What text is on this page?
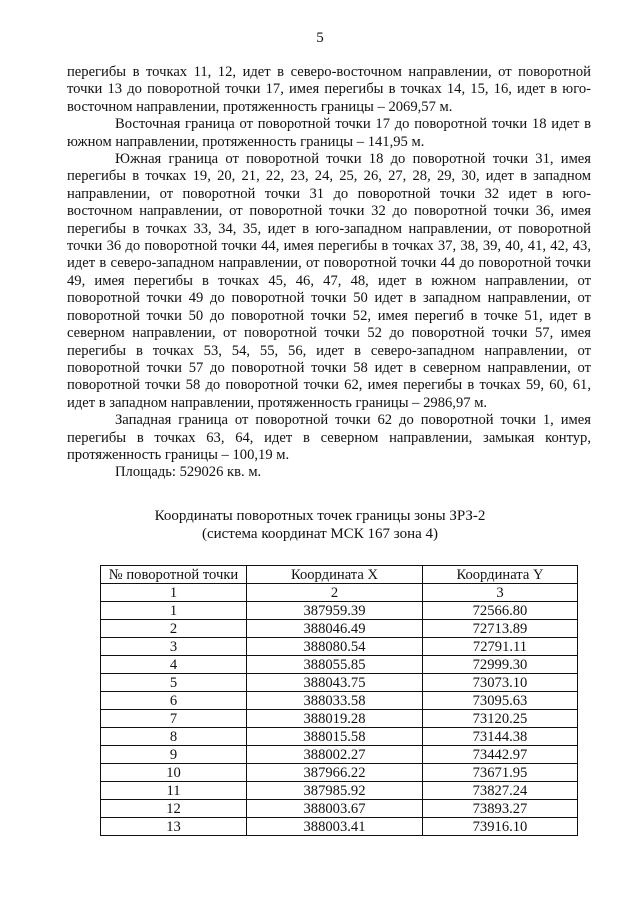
5

перегибы в точках 11, 12, идет в северо-восточном направлении, от поворотной точки 13 до поворотной точки 17, имея перегибы в точках 14, 15, 16, идет в юго-восточном направлении, протяженность границы – 2069,57 м.

Восточная граница от поворотной точки 17 до поворотной точки 18 идет в южном направлении, протяженность границы – 141,95 м.

Южная граница от поворотной точки 18 до поворотной точки 31, имея перегибы в точках 19, 20, 21, 22, 23, 24, 25, 26, 27, 28, 29, 30, идет в западном направлении, от поворотной точки 31 до поворотной точки 32 идет в юго-восточном направлении, от поворотной точки 32 до поворотной точки 36, имея перегибы в точках 33, 34, 35, идет в юго-западном направлении, от поворотной точки 36 до поворотной точки 44, имея перегибы в точках 37, 38, 39, 40, 41, 42, 43, идет в северо-западном направлении, от поворотной точки 44 до поворотной точки 49, имея перегибы в точках 45, 46, 47, 48, идет в южном направлении, от поворотной точки 49 до поворотной точки 50 идет в западном направлении, от поворотной точки 50 до поворотной точки 52, имея перегиб в точке 51, идет в северном направлении, от поворотной точки 52 до поворотной точки 57, имея перегибы в точках 53, 54, 55, 56, идет в северо-западном направлении, от поворотной точки 57 до поворотной точки 58 идет в северном направлении, от поворотной точки 58 до поворотной точки 62, имея перегибы в точках 59, 60, 61, идет в западном направлении, протяженность границы – 2986,97 м.

Западная граница от поворотной точки 62 до поворотной точки 1, имея перегибы в точках 63, 64, идет в северном направлении, замыкая контур, протяженность границы – 100,19 м.

Площадь: 529026 кв. м.

Координаты поворотных точек границы зоны ЗРЗ-2
(система координат МСК 167 зона 4)
№ поворотной точки	Координата X	Координата Y
1	2	3
1	387959.39	72566.80
2	388046.49	72713.89
3	388080.54	72791.11
4	388055.85	72999.30
5	388043.75	73073.10
6	388033.58	73095.63
7	388019.28	73120.25
8	388015.58	73144.38
9	388002.27	73442.97
10	387966.22	73671.95
11	387985.92	73827.24
12	388003.67	73893.27
13	388003.41	73916.10
